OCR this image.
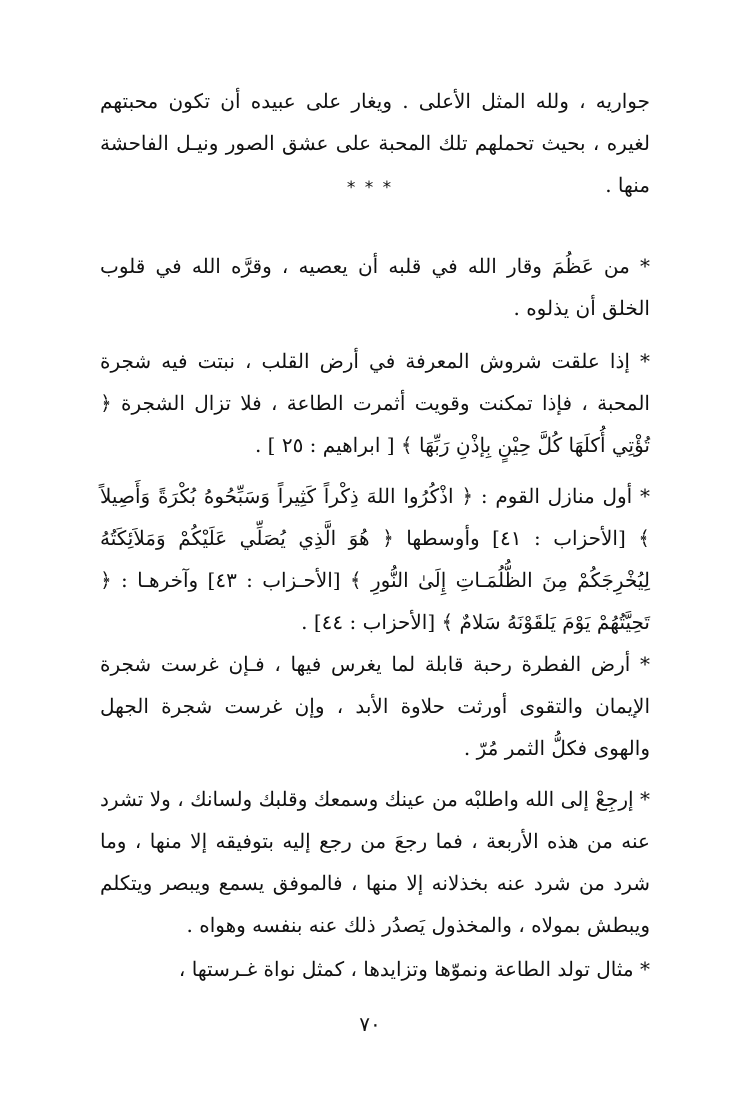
جواريه ، ولله المثل الأعلى . ويغار على عبيده أن تكون محبتهم لغيره ، بحيث تحملهم تلك المحبة على عشق الصور ونيـل الفاحشة منها .

* * *

* من عَظُمَ وقار الله في قلبه أن يعصيه ، وقرَّه الله في قلوب الخلق أن يذلوه .

* إذا علقت شروش المعرفة في أرض القلب ، نبتت فيه شجرة المحبة ، فإذا تمكنت وقويت أثمرت الطاعة ، فلا تزال الشجرة ﴿ تُؤْتِي أُكلَهَا كُلَّ حِيْنٍ بِإذْنِ رَبِّهَا ﴾ [ ابراهيم : ٢٥ ] .

* أول منازل القوم : ﴿ اذْكُرُوا اللهَ ذِكْراً كَثِيراً وَسَبِّحُوهُ بُكْرَةً وَأَصِيلاً ﴾ [الأحزاب : ٤١] وأوسطها ﴿ هُوَ الَّذِي يُصَلِّي عَلَيْكُمْ وَمَلاَئِكَتُهُ لِيُخْرِجَكُمْ مِنَ الظُّلُمَـاتِ إِلَىٰ النُّورِ ﴾ [الأحـزاب : ٤٣] وآخرهـا : ﴿ تَحِيَّتُهُمْ يَوْمَ يَلقَوْنَهُ سَلامٌ ﴾ [الأحزاب : ٤٤] .

* أرض الفطرة رحبة قابلة لما يغرس فيها ، فـإن غرست شجرة الإيمان والتقوى أورثت حلاوة الأبد ، وإن غرست شجرة الجهل والهوى فكلُّ الثمر مُرّ .

* إرجِعْ إلى الله واطلبْه من عينك وسمعك وقلبك ولسانك ، ولا تشرد عنه من هذه الأربعة ، فما رجعَ من رجع إليه بتوفيقه إلا منها ، وما شرد من شرد عنه بخذلانه إلا منها ، فالموفق يسمع ويبصر ويتكلم ويبطش بمولاه ، والمخذول يَصدُر ذلك عنه بنفسه وهواه .

* مثال تولد الطاعة ونموّها وتزايدها ، كمثل نواة غـرستها ،

٧٠
